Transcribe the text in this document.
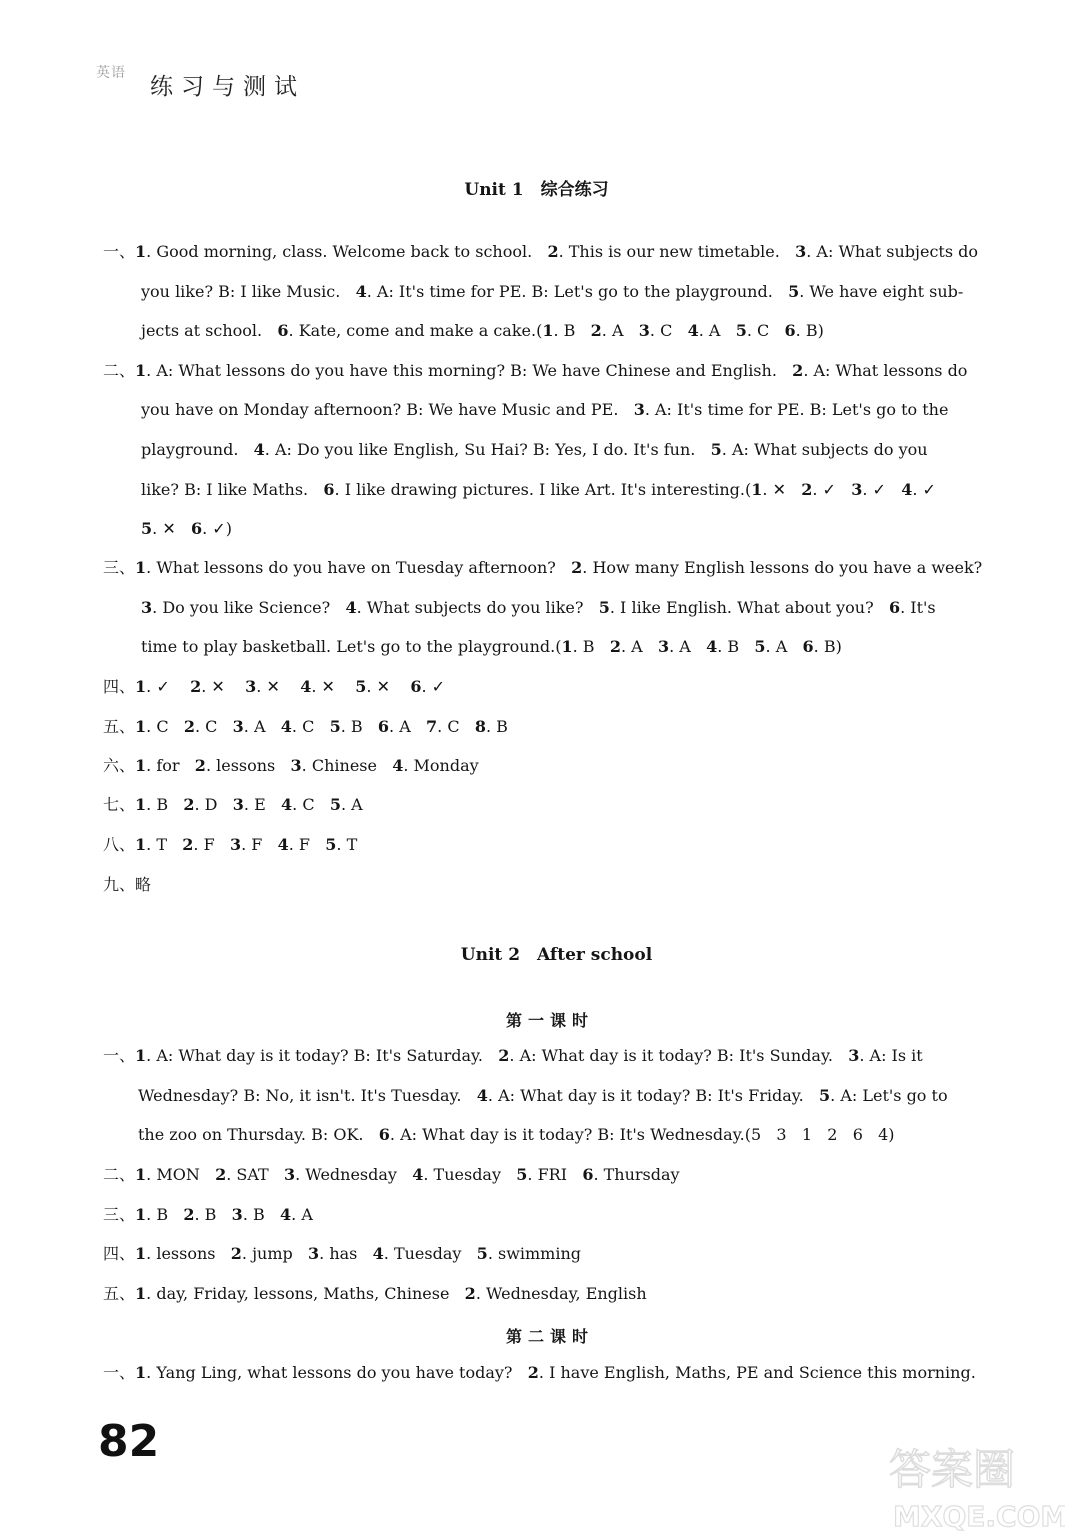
英语
练习与测试
Unit 1　综合练习
一、1. Good morning, class. Welcome back to school.   2. This is our new timetable.   3. A: What subjects do
you like? B: I like Music.   4. A: It's time for PE. B: Let's go to the playground.   5. We have eight sub-
jects at school.   6. Kate, come and make a cake.(1. B   2. A   3. C   4. A   5. C   6. B)
二、1. A: What lessons do you have this morning? B: We have Chinese and English.   2. A: What lessons do
you have on Monday afternoon? B: We have Music and PE.   3. A: It's time for PE. B: Let's go to the
playground.   4. A: Do you like English, Su Hai? B: Yes, I do. It's fun.   5. A: What subjects do you
like? B: I like Maths.   6. I like drawing pictures. I like Art. It's interesting.(1. ✕   2. ✓   3. ✓   4. ✓
5. ✕   6. ✓)
三、1. What lessons do you have on Tuesday afternoon?   2. How many English lessons do you have a week?
3. Do you like Science?   4. What subjects do you like?   5. I like English. What about you?   6. It's
time to play basketball. Let's go to the playground.(1. B   2. A   3. A   4. B   5. A   6. B)
四、1. ✓    2. ✕    3. ✕    4. ✕    5. ✕    6. ✓
五、1. C   2. C   3. A   4. C   5. B   6. A   7. C   8. B
六、1. for   2. lessons   3. Chinese   4. Monday
七、1. B   2. D   3. E   4. C   5. A
八、1. T   2. F   3. F   4. F   5. T
九、略
Unit 2　After school
第一课时
一、1. A: What day is it today? B: It's Saturday.   2. A: What day is it today? B: It's Sunday.   3. A: Is it
Wednesday? B: No, it isn't. It's Tuesday.   4. A: What day is it today? B: It's Friday.   5. A: Let's go to
the zoo on Thursday. B: OK.   6. A: What day is it today? B: It's Wednesday.(5   3   1   2   6   4)
二、1. MON   2. SAT   3. Wednesday   4. Tuesday   5. FRI   6. Thursday
三、1. B   2. B   3. B   4. A
四、1. lessons   2. jump   3. has   4. Tuesday   5. swimming
五、1. day, Friday, lessons, Maths, Chinese   2. Wednesday, English
第二课时
一、1. Yang Ling, what lessons do you have today?   2. I have English, Maths, PE and Science this morning.
82
答案圈
MXQE.COM
